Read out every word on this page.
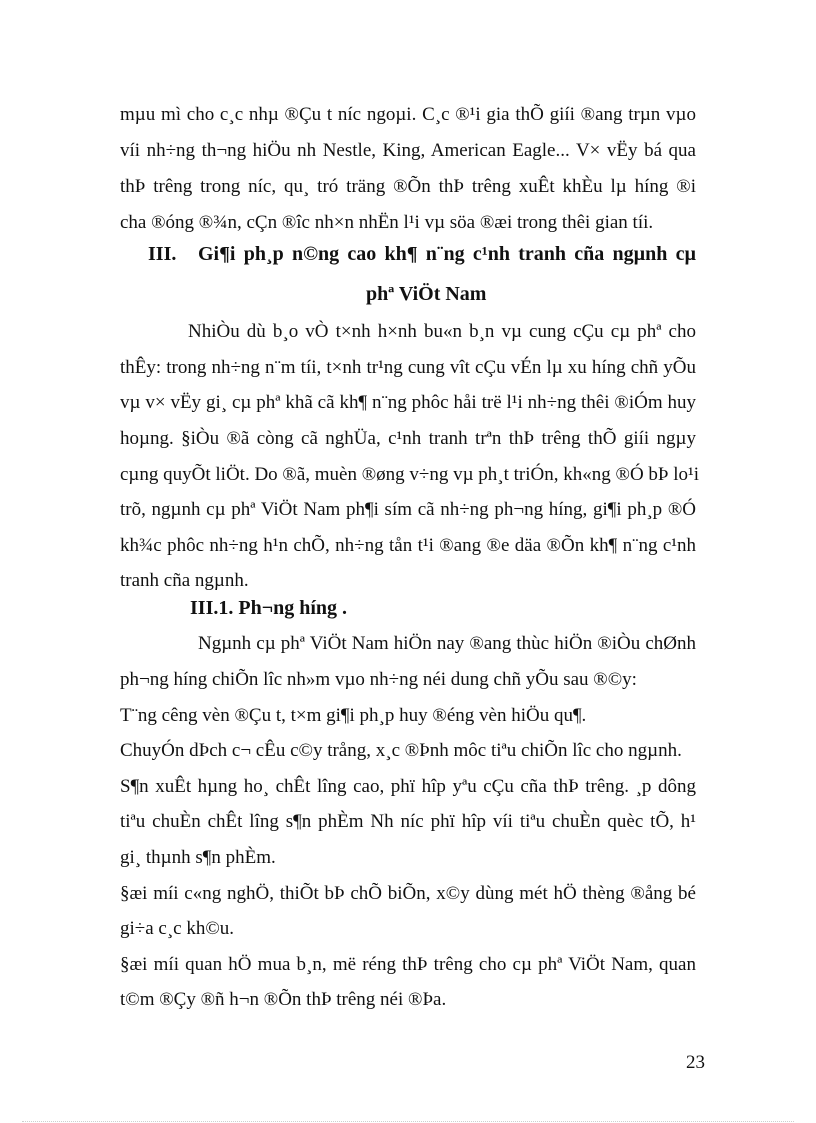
mµu mì cho c¸c nhµ ®Çu t níc ngoµi. C¸c ®¹i gia thÕ giíi ®ang trµn vµo
víi nh÷ng th¬ng hiÖu nh Nestle, King, American Eagle... V× vËy bá qua
thÞ trêng trong níc, qu¸ tró träng ®Õn thÞ trêng xuÊt khÈu lµ híng ®i
cha ®óng ®¾n, cÇn ®îc nh×n nhËn l¹i vµ söa ®æi trong thêi gian tíi.
III. Gi¶i ph¸p n©ng cao kh¶ n¨ng c¹nh tranh cña ngµnh cµ
phª ViÖt Nam
NhiÒu dù b¸o vÒ t×nh h×nh bu«n b¸n vµ cung cÇu cµ phª cho
thÊy: trong nh÷ng n¨m tíi, t×nh tr¹ng cung vît cÇu vÉn lµ xu híng chñ yÕu
vµ v× vËy gi¸ cµ phª khã cã kh¶ n¨ng phôc håi trë l¹i nh÷ng thêi ®iÓm huy
hoµng. §iÒu ®ã còng cã nghÜa, c¹nh tranh trªn thÞ trêng thÕ giíi ngµy
cµng quyÕt liÖt. Do ®ã, muèn ®øng v÷ng vµ ph¸t triÓn, kh«ng ®Ó bÞ lo¹i
trõ, ngµnh cµ phª ViÖt Nam ph¶i sím cã nh÷ng ph¬ng híng, gi¶i ph¸p ®Ó
kh¾c phôc nh÷ng h¹n chÕ, nh÷ng tån t¹i ®ang ®e däa ®Õn kh¶ n¨ng c¹nh
tranh cña ngµnh.
III.1. Ph¬ng híng .
Ngµnh cµ phª ViÖt Nam hiÖn nay ®ang thùc hiÖn ®iÒu chØnh
ph¬ng híng chiÕn lîc nh»m vµo nh÷ng néi dung chñ yÕu sau ®©y:
T¨ng cêng vèn ®Çu t, t×m gi¶i ph¸p huy ®éng vèn hiÖu qu¶.
ChuyÓn dÞch c¬ cÊu c©y trång, x¸c ®Þnh môc tiªu chiÕn lîc cho ngµnh.
S¶n xuÊt hµng ho¸ chÊt lîng cao, phï hîp yªu cÇu cña thÞ trêng. ¸p dông
tiªu chuÈn chÊt lîng s¶n phÈm Nh níc phï hîp víi tiªu chuÈn quèc tÕ, h¹
gi¸ thµnh s¶n phÈm.
§æi míi c«ng nghÖ, thiÕt bÞ chÕ biÕn, x©y dùng mét hÖ thèng ®ång bé
gi÷a c¸c kh©u.
§æi míi quan hÖ mua b¸n, më réng thÞ trêng cho cµ phª ViÖt Nam, quan
t©m ®Çy ®ñ h¬n ®Õn thÞ trêng néi ®Þa.
23
